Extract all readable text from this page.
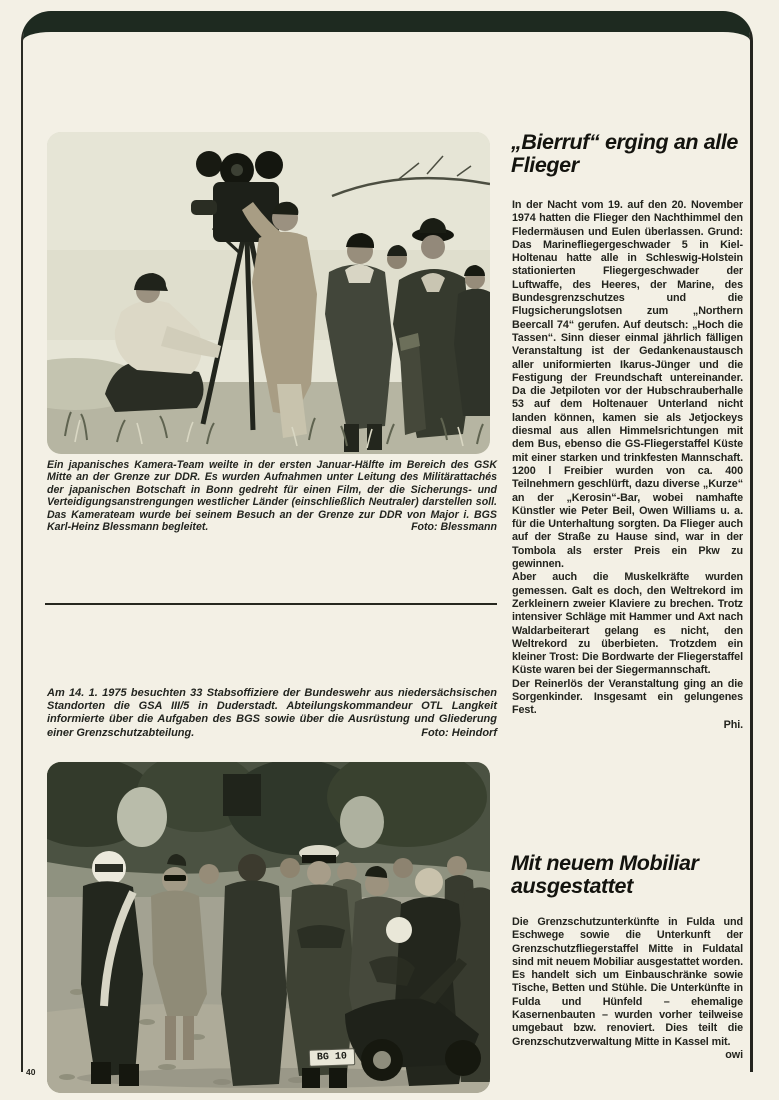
Ein japanisches Kamera-Team weilte in der ersten Januar-Hälfte im Bereich des GSK Mitte an der Grenze zur DDR. Es wurden Aufnahmen unter Leitung des Militärattachés der japanischen Botschaft in Bonn gedreht für einen Film, der die Sicherungs- und Verteidigungsanstrengungen westlicher Länder (einschließlich Neutraler) darstellen soll. Das Kamerateam wurde bei seinem Besuch an der Grenze zur DDR von Major i. BGS Karl-Heinz Blessmann begleitet.	Foto: Blessmann

Am 14. 1. 1975 besuchten 33 Stabsoffiziere der Bundeswehr aus niedersächsischen Standorten die GSA III/5 in Duderstadt. Abteilungskommandeur OTL Langkeit informierte über die Aufgaben des BGS sowie über die Ausrüstung und Gliederung einer Grenzschutzabteilung.	Foto: Heindorf

BG 10
40
„Bierruf“ erging an alle Flieger

In der Nacht vom 19. auf den 20. November 1974 hatten die Flieger den Nachthimmel den Fledermäusen und Eulen überlassen. Grund: Das Marinefliegergeschwader 5 in Kiel-Holtenau hatte alle in Schleswig-Holstein stationierten Fliegergeschwader der Luftwaffe, des Heeres, der Marine, des Bundesgrenzschutzes und die Flugsicherungslotsen zum „Northern Beercall 74“ gerufen. Auf deutsch: „Hoch die Tassen“. Sinn dieser einmal jährlich fälligen Veranstaltung ist der Gedankenaustausch aller uniformierten Ikarus-Jünger und die Festigung der Freundschaft untereinander. Da die Jetpiloten vor der Hubschrauberhalle 53 auf dem Holtenauer Unterland nicht landen können, kamen sie als Jetjockeys diesmal aus allen Himmelsrichtungen mit dem Bus, ebenso die GS-Fliegerstaffel Küste mit einer starken und trinkfesten Mannschaft. 1200 l Freibier wurden von ca. 400 Teilnehmern geschlürft, dazu diverse „Kurze“ an der „Kerosin“-Bar, wobei namhafte Künstler wie Peter Beil, Owen Williams u. a. für die Unterhaltung sorgten. Da Flieger auch auf der Straße zu Hause sind, war in der Tombola als erster Preis ein Pkw zu gewinnen.

Aber auch die Muskelkräfte wurden gemessen. Galt es doch, den Weltrekord im Zerkleinern zweier Klaviere zu brechen. Trotz intensiver Schläge mit Hammer und Axt nach Waldarbeiterart gelang es nicht, den Weltrekord zu überbieten. Trotzdem ein kleiner Trost: Die Bordwarte der Fliegerstaffel Küste waren bei der Siegermannschaft.

Der Reinerlös der Veranstaltung ging an die Sorgenkinder. Insgesamt ein gelungenes Fest.

Phi.

Mit neuem Mobiliar ausgestattet

Die Grenzschutzunterkünfte in Fulda und Eschwege sowie die Unterkunft der Grenzschutzfliegerstaffel Mitte in Fuldatal sind mit neuem Mobiliar ausgestattet worden. Es handelt sich um Einbauschränke sowie Tische, Betten und Stühle. Die Unterkünfte in Fulda und Hünfeld – ehemalige Kasernenbauten – wurden vorher teilweise umgebaut bzw. renoviert. Dies teilt die Grenzschutzverwaltung Mitte in Kassel mit.
owi
